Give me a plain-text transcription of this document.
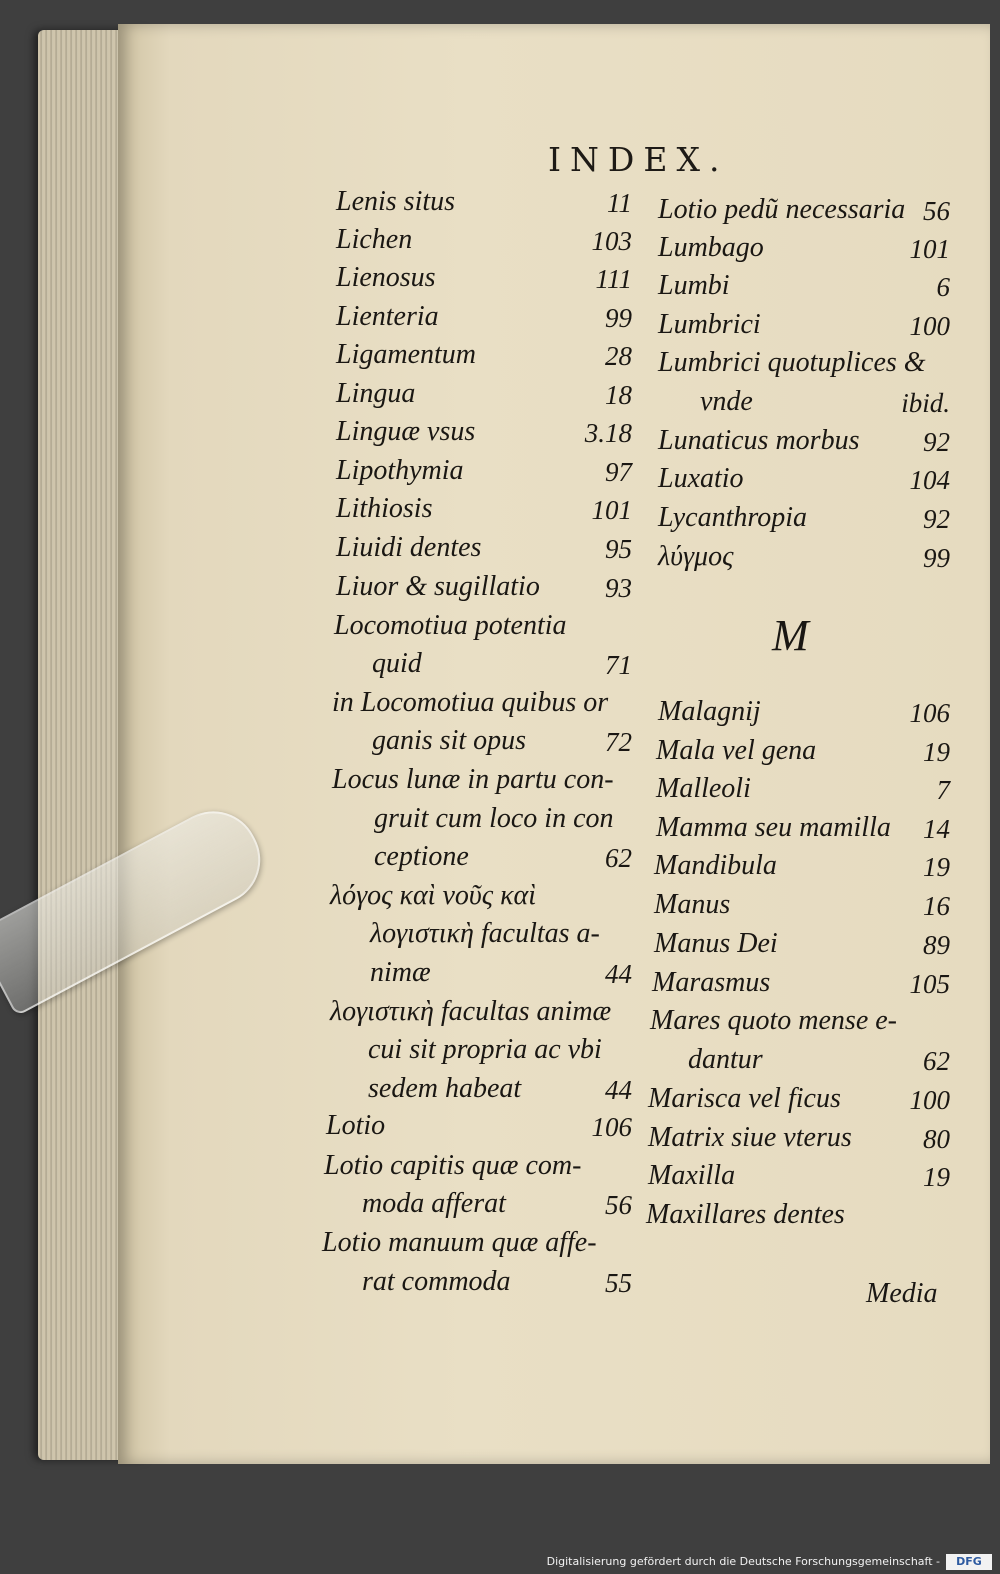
INDEX.
Lenis situs	11
Lichen	103
Lienosus	111
Lienteria	99
Ligamentum	28
Lingua	18
Linguæ vsus	3.18
Lipothymia	97
Lithiosis	101
Liuidi dentes	95
Liuor & sugillatio 93
Locomotiua potentia
quid	71
in Locomotiua quibus or
ganis sit opus	72
Locus lunæ in partu con-
gruit cum loco in con
ceptione	62
λόγος καὶ νοῦς καὶ
λογιστικὴ facultas a-
nimæ	44
λογιστικὴ facultas animæ
cui sit propria ac vbi
sedem habeat	44
Lotio	106
Lotio capitis quæ com-
moda afferat	56
Lotio manuum quæ affe-
rat commoda	55
Lotio pedũ necessaria 56
Lumbago	101
Lumbi	6
Lumbrici	100
Lumbrici quotuplices &
vnde	ibid.
Lunaticus morbus 92
Luxatio	104
Lycanthropia	92
λύγμος	99
Malagnij	106
Mala vel gena	19
Malleoli	7
Mamma seu mamilla 14
Mandibula	19
Manus	16
Manus Dei	89
Marasmus	105
Mares quoto mense e-
dantur	62
Marisca vel ficus	100
Matrix siue vterus	80
Maxilla	19
Maxillares dentes
M
Media
Digitalisierung gefördert durch die Deutsche Forschungsgemeinschaft -	DFG
